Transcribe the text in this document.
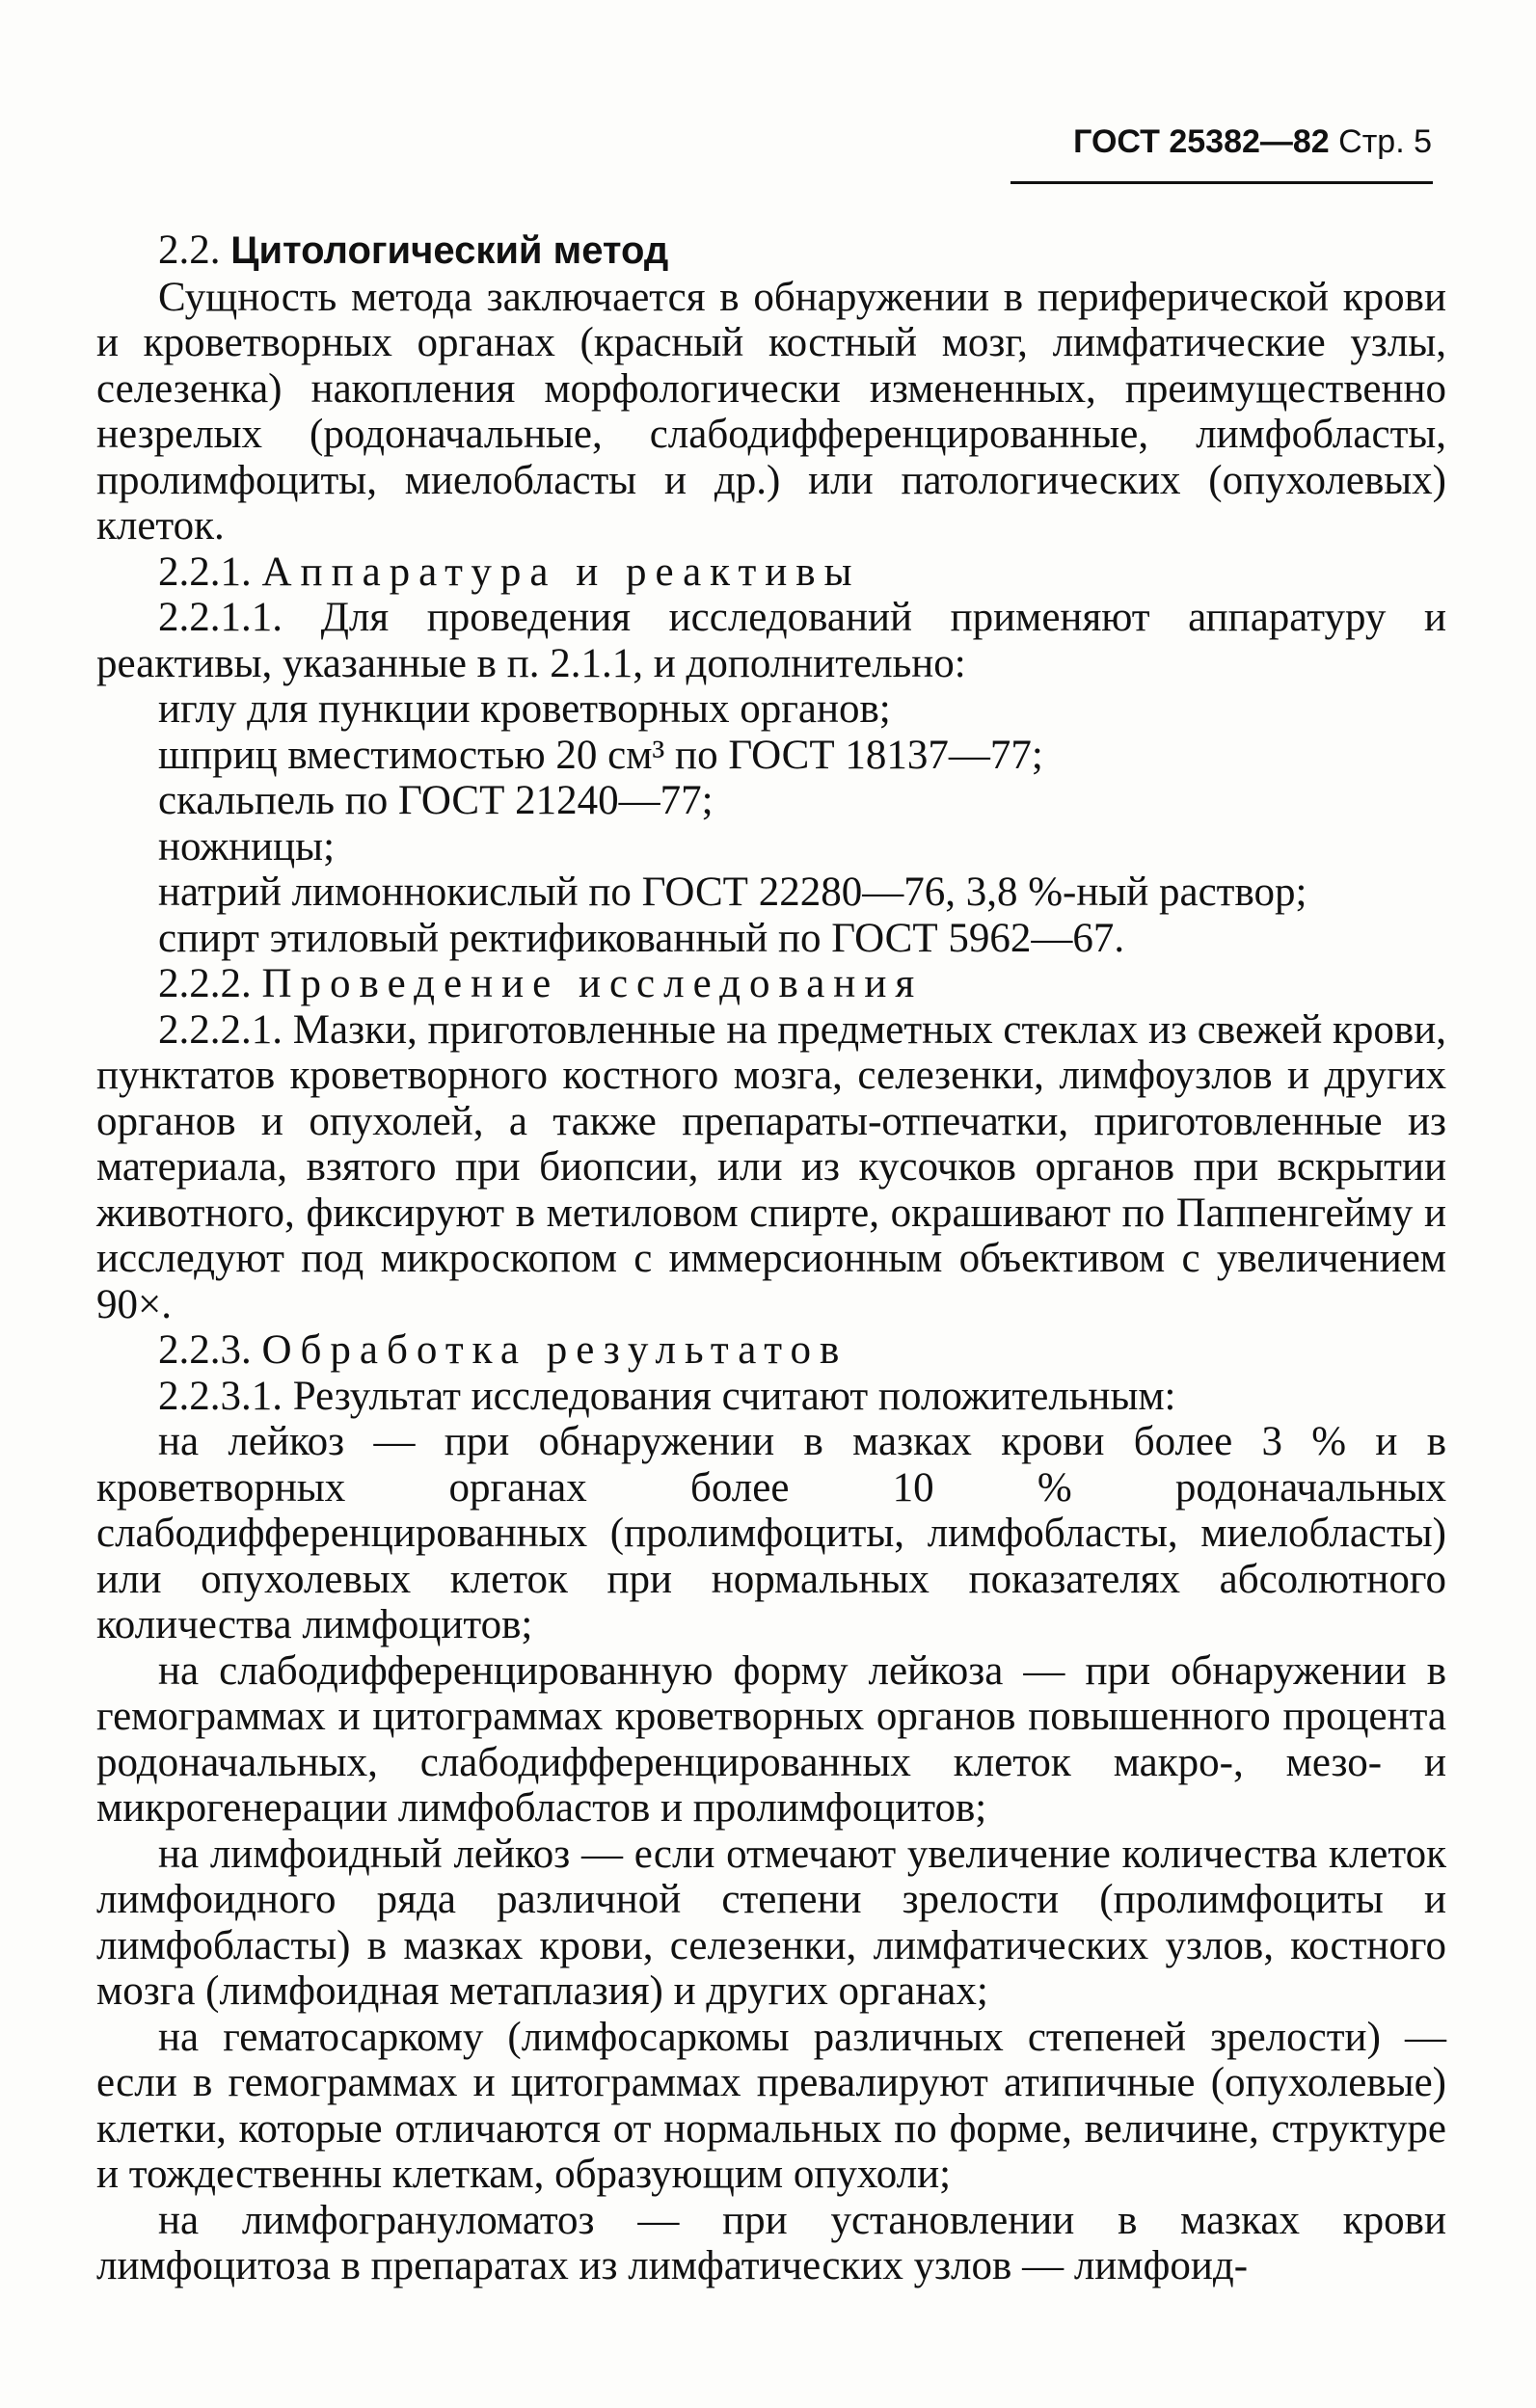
ГОСТ 25382—82 Стр. 5

2.2. Цитологический метод

Сущность метода заключается в обнаружении в периферической крови и кроветворных органах (красный костный мозг, лимфатические узлы, селезенка) накопления морфологически измененных, преимущественно незрелых (родоначальные, слабодифференцированные, лимфобласты, пролимфоциты, миелобласты и др.) или патологических (опухолевых) клеток.

2.2.1. Аппаратура и реактивы

2.2.1.1. Для проведения исследований применяют аппаратуру и реактивы, указанные в п. 2.1.1, и дополнительно:

иглу для пункции кроветворных органов;

шприц вместимостью 20 см³ по ГОСТ 18137—77;

скальпель по ГОСТ 21240—77;

ножницы;

натрий лимоннокислый по ГОСТ 22280—76, 3,8 %-ный раствор;

спирт этиловый ректификованный по ГОСТ 5962—67.

2.2.2. Проведение исследования

2.2.2.1. Мазки, приготовленные на предметных стеклах из свежей крови, пунктатов кроветворного костного мозга, селезенки, лимфоузлов и других органов и опухолей, а также препараты-отпечатки, приготовленные из материала, взятого при биопсии, или из кусочков органов при вскрытии животного, фиксируют в метиловом спирте, окрашивают по Паппенгейму и исследуют под микроскопом с иммерсионным объективом с увеличением 90×.

2.2.3. Обработка результатов

2.2.3.1. Результат исследования считают положительным:

на лейкоз — при обнаружении в мазках крови более 3 % и в кроветворных органах более 10 % родоначальных слабодифференцированных (пролимфоциты, лимфобласты, миелобласты) или опухолевых клеток при нормальных показателях абсолютного количества лимфоцитов;

на слабодифференцированную форму лейкоза — при обнаружении в гемограммах и цитограммах кроветворных органов повышенного процента родоначальных, слабодифференцированных клеток макро-, мезо- и микрогенерации лимфобластов и пролимфоцитов;

на лимфоидный лейкоз — если отмечают увеличение количества клеток лимфоидного ряда различной степени зрелости (пролимфоциты и лимфобласты) в мазках крови, селезенки, лимфатических узлов, костного мозга (лимфоидная метаплазия) и других органах;

на гематосаркому (лимфосаркомы различных степеней зрелости) — если в гемограммах и цитограммах превалируют атипичные (опухолевые) клетки, которые отличаются от нормальных по форме, величине, структуре и тождественны клеткам, образующим опухоли;

на лимфогрануломатоз — при установлении в мазках крови лимфоцитоза в препаратах из лимфатических узлов — лимфоид-
